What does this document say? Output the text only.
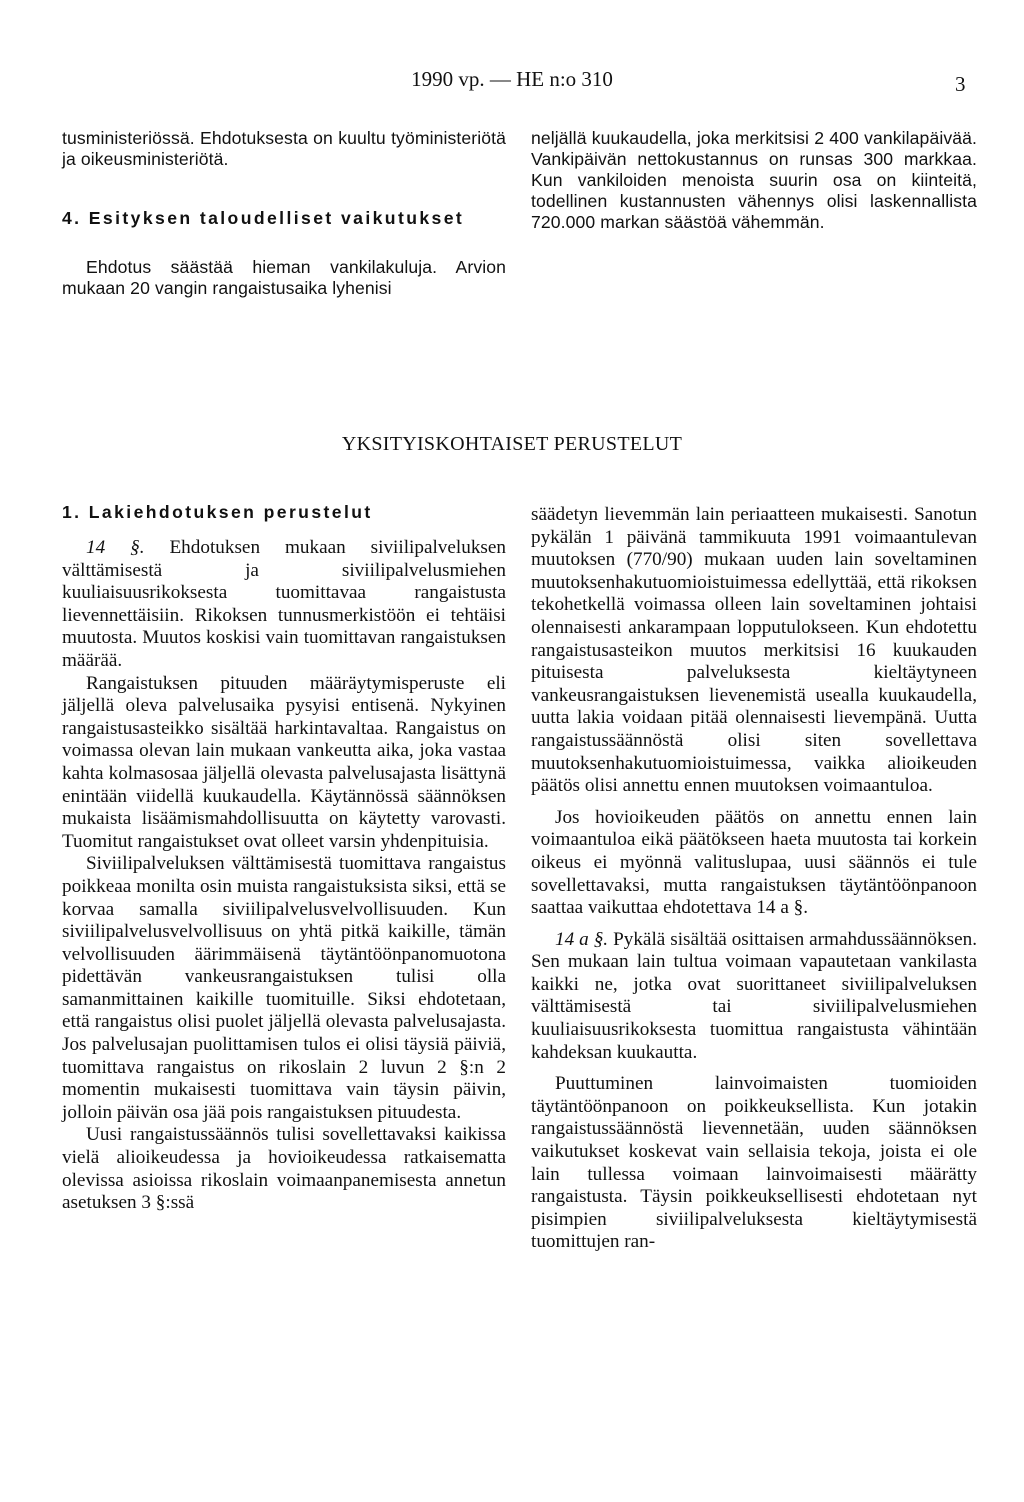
1990 vp. — HE n:o 310	3

tusministeriössä. Ehdotuksesta on kuultu työministeriötä ja oikeusministeriötä.

4. Esityksen taloudelliset vaikutukset

Ehdotus säästää hieman vankilakuluja. Arvion mukaan 20 vangin rangaistusaika lyhenisi

neljällä kuukaudella, joka merkitsisi 2 400 vankilapäivää. Vankipäivän nettokustannus on runsas 300 markkaa. Kun vankiloiden menoista suurin osa on kiinteitä, todellinen kustannusten vähennys olisi laskennallista 720.000 markan säästöä vähemmän.

YKSITYISKOHTAISET PERUSTELUT

1. Lakiehdotuksen perustelut

14 §. Ehdotuksen mukaan siviilipalveluksen välttämisestä ja siviilipalvelusmiehen kuuliaisuusrikoksesta tuomittavaa rangaistusta lievennettäisiin. Rikoksen tunnusmerkistöön ei tehtäisi muutosta. Muutos koskisi vain tuomittavan rangaistuksen määrää.

Rangaistuksen pituuden määräytymisperuste eli jäljellä oleva palvelusaika pysyisi entisenä. Nykyinen rangaistusasteikko sisältää harkintavaltaa. Rangaistus on voimassa olevan lain mukaan vankeutta aika, joka vastaa kahta kolmasosaa jäljellä olevasta palvelusajasta lisättynä enintään viidellä kuukaudella. Käytännössä säännöksen mukaista lisäämismahdollisuutta on käytetty varovasti. Tuomitut rangaistukset ovat olleet varsin yhdenpituisia.

Siviilipalveluksen välttämisestä tuomittava rangaistus poikkeaa monilta osin muista rangaistuksista siksi, että se korvaa samalla siviilipalvelusvelvollisuuden. Kun siviilipalvelusvelvollisuus on yhtä pitkä kaikille, tämän velvollisuuden äärimmäisenä täytäntöönpanomuotona pidettävän vankeusrangaistuksen tulisi olla samanmittainen kaikille tuomituille. Siksi ehdotetaan, että rangaistus olisi puolet jäljellä olevasta palvelusajasta. Jos palvelusajan puolittamisen tulos ei olisi täysiä päiviä, tuomittava rangaistus on rikoslain 2 luvun 2 §:n 2 momentin mukaisesti tuomittava vain täysin päivin, jolloin päivän osa jää pois rangaistuksen pituudesta.

Uusi rangaistussäännös tulisi sovellettavaksi kaikissa vielä alioikeudessa ja hovioikeudessa ratkaisematta olevissa asioissa rikoslain voimaanpanemisesta annetun asetuksen 3 §:ssä

säädetyn lievemmän lain periaatteen mukaisesti. Sanotun pykälän 1 päivänä tammikuuta 1991 voimaantulevan muutoksen (770/90) mukaan uuden lain soveltaminen muutoksenhakutuomioistuimessa edellyttää, että rikoksen tekohetkellä voimassa olleen lain soveltaminen johtaisi olennaisesti ankarampaan lopputulokseen. Kun ehdotettu rangaistusasteikon muutos merkitsisi 16 kuukauden pituisesta palveluksesta kieltäytyneen vankeusrangaistuksen lievenemistä usealla kuukaudella, uutta lakia voidaan pitää olennaisesti lievempänä. Uutta rangaistussäännöstä olisi siten sovellettava muutoksenhakutuomioistuimessa, vaikka alioikeuden päätös olisi annettu ennen muutoksen voimaantuloa.

Jos hovioikeuden päätös on annettu ennen lain voimaantuloa eikä päätökseen haeta muutosta tai korkein oikeus ei myönnä valituslupaa, uusi säännös ei tule sovellettavaksi, mutta rangaistuksen täytäntöönpanoon saattaa vaikuttaa ehdotettava 14 a §.

14 a §. Pykälä sisältää osittaisen armahdussäännöksen. Sen mukaan lain tultua voimaan vapautetaan vankilasta kaikki ne, jotka ovat suorittaneet siviilipalveluksen välttämisestä tai siviilipalvelusmiehen kuuliaisuusrikoksesta tuomittua rangaistusta vähintään kahdeksan kuukautta.

Puuttuminen lainvoimaisten tuomioiden täytäntöönpanoon on poikkeuksellista. Kun jotakin rangaistussäännöstä lievennetään, uuden säännöksen vaikutukset koskevat vain sellaisia tekoja, joista ei ole lain tullessa voimaan lainvoimaisesti määrätty rangaistusta. Täysin poikkeuksellisesti ehdotetaan nyt pisimpien siviilipalveluksesta kieltäytymisestä tuomittujen ran-
